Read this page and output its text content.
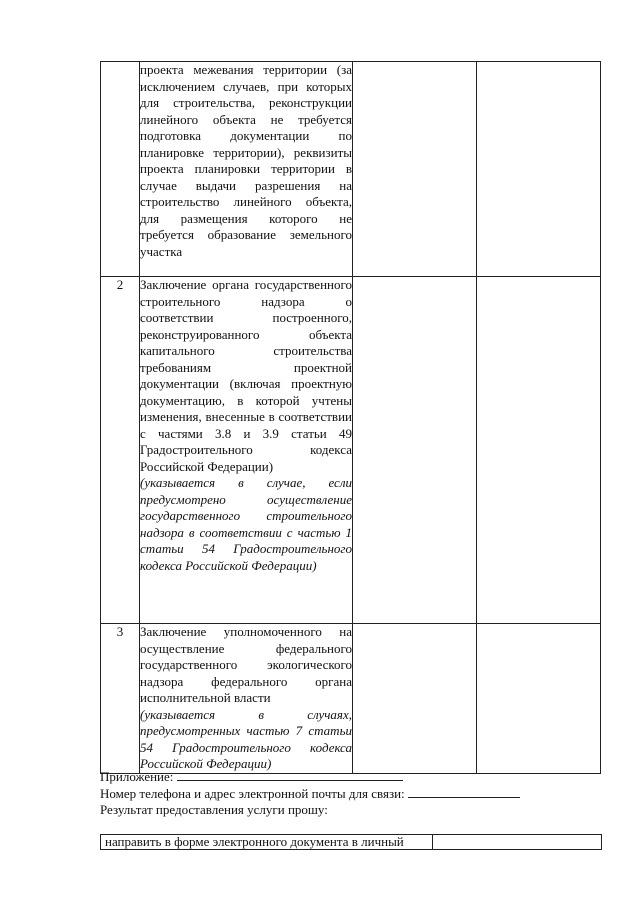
	проекта межевания территории (за исключением случаев, при которых для строительства, реконструкции линейного объекта не требуется подготовка документации по планировке территории), реквизиты проекта планировки территории в случае выдачи разрешения на строительство линейного объекта, для размещения которого не требуется образование земельного участка		

2	Заключение органа государственного строительного надзора о соответствии построенного, реконструированного объекта капитального строительства требованиям проектной документации (включая проектную документацию, в которой учтены изменения, внесенные в соответствии с частями 3.8 и 3.9 статьи 49 Градостроительного кодекса Российской Федерации)
(указывается в случае, если предусмотрено осуществление государственного строительного надзора в соответствии с частью 1 статьи 54 Градостроительного кодекса Российской Федерации)		

3	Заключение уполномоченного на осуществление федерального государственного экологического надзора федерального органа исполнительной власти
(указывается в случаях, предусмотренных частью 7 статьи 54 Градостроительного кодекса Российской Федерации)		

Приложение:
Номер телефона и адрес электронной почты для связи:
Результат предоставления услуги прошу:
направить в форме электронного документа в личный	
